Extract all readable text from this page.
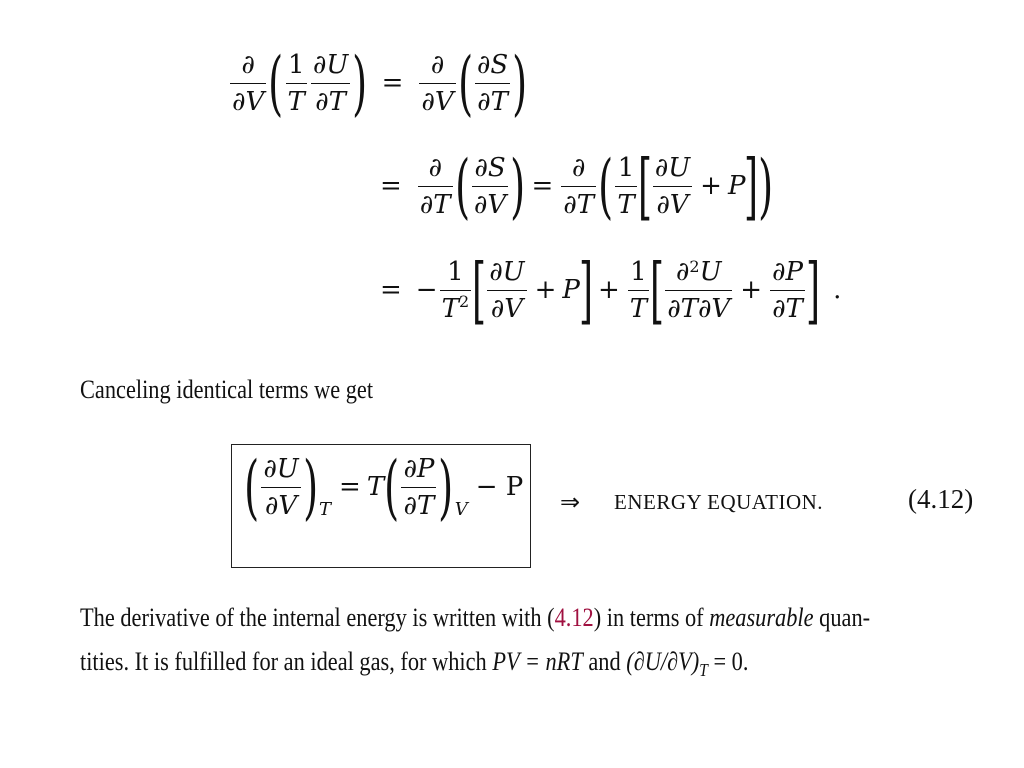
$\frac{\partial}{\partial V}$ ( $\frac{1}{T} \frac{\partial U}{\partial T}$ ) = $\frac{\partial}{\partial V}$ ( $\frac{\partial S}{\partial T}$ )
= $\frac{\partial}{\partial T}$ ( $\frac{\partial S}{\partial V}$ ) = $\frac{\partial}{\partial T}$ ( $\frac{1}{T}$ [ $\frac{\partial U}{\partial V} + P$ ] )
= − $\frac{1}{T^2}$ [ $\frac{\partial U}{\partial V} + P$ ] + $\frac{1}{T}$ [ $\frac{\partial^2U}{\partial T\partial V} + \frac{\partial P}{\partial T}$ ] .
Canceling identical terms we get
( $\frac{\partial U}{\partial V}$ ) T
= T ( $\frac{\partial P}{\partial T}$ ) V
− P ⇒ ENERGY EQUATION.	(4.12)
The derivative of the internal energy is written with (4.12) in terms of measurable quan-
tities. It is fulfilled for an ideal gas, for which PV = nRT and $(\partial U/\partial V)_T = 0$.
